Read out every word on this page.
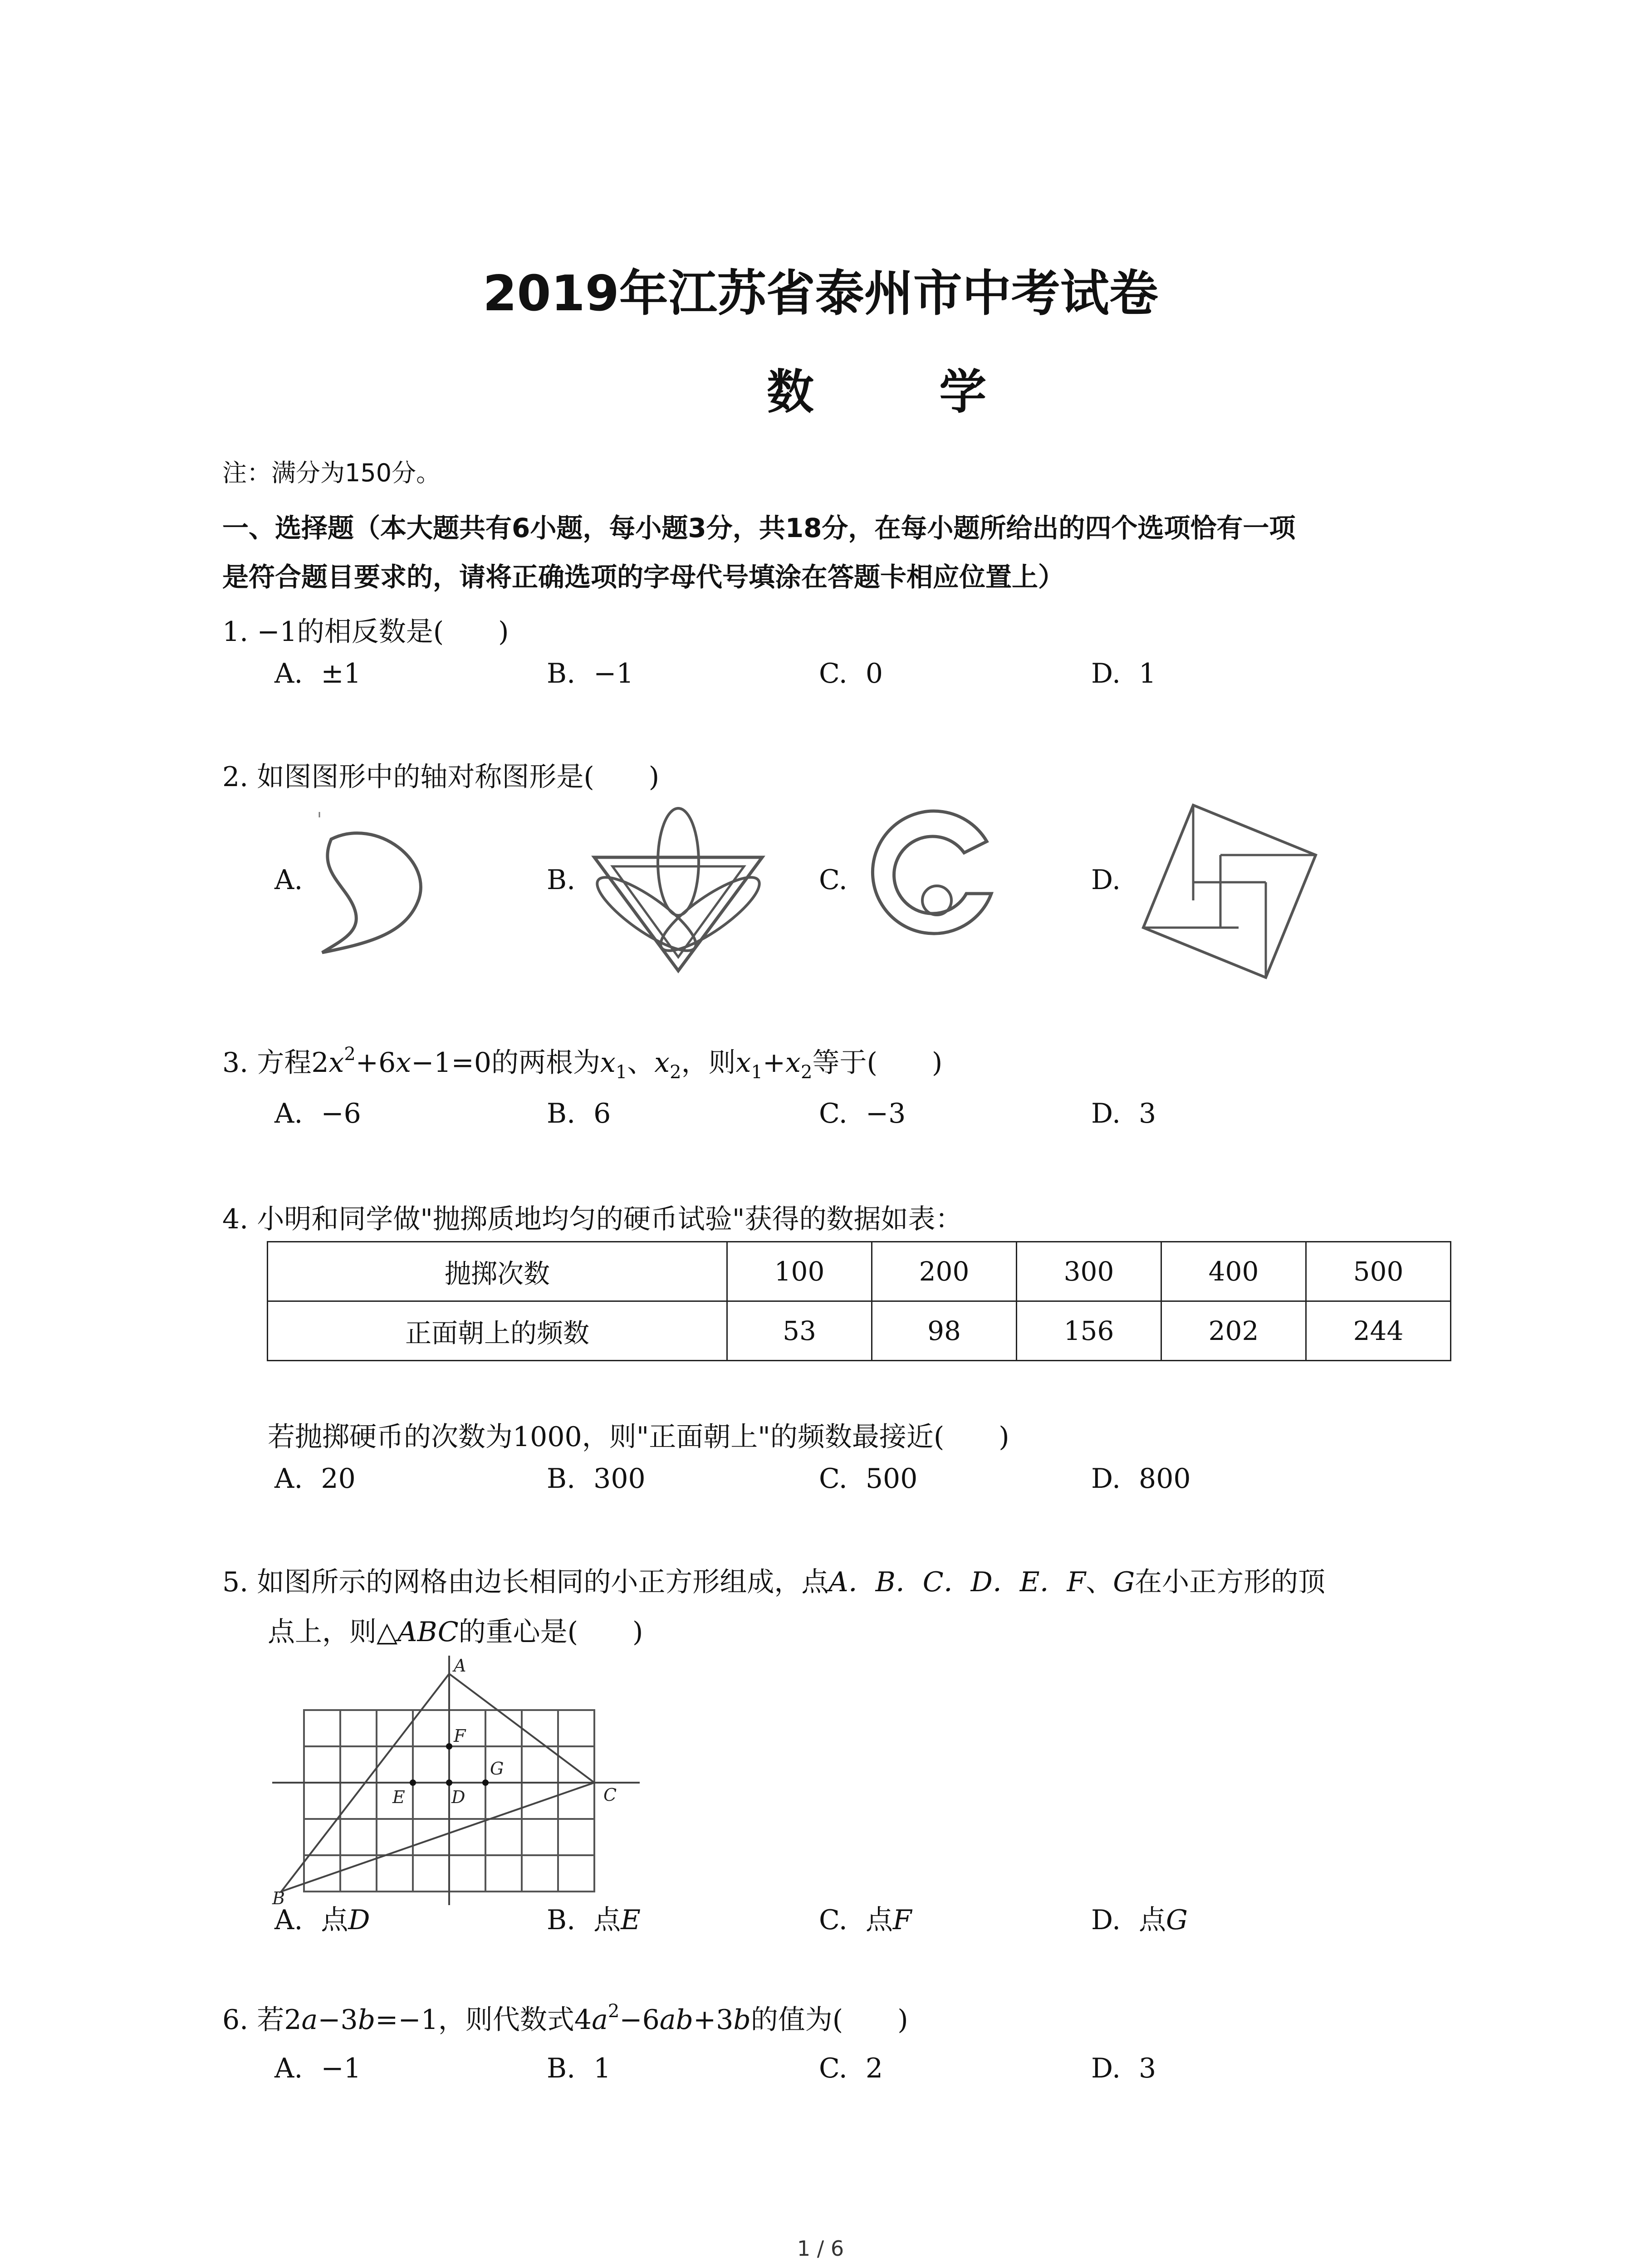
2019年江苏省泰州市中考试卷
数 学
注：满分为150分。
一、选择题（本大题共有6小题，每小题3分，共18分，在每小题所给出的四个选项恰有一项
是符合题目要求的，请将正确选项的字母代号填涂在答题卡相应位置上）
1. −1的相反数是(　　)
A. ±1	B. −1	C. 0	D. 1
2. 如图图形中的轴对称图形是(　　)
A.	B.	C.	D.
3. 方程$2x^2+6x-1=0$的两根为$x_1$、$x_2$，则$x_1+x_2$等于(　　)
A. −6	B. 6	C. −3	D. 3
4. 小明和同学做"抛掷质地均匀的硬币试验"获得的数据如表：
抛掷次数	100	200	300	400	500
正面朝上的频数	53	98	156	202	244
若抛掷硬币的次数为1000，则"正面朝上"的频数最接近(　　)
A. 20	B. 300	C. 500	D. 800
5. 如图所示的网格由边长相同的小正方形组成，点A．B．C．D．E．F、G在小正方形的顶
点上，则△ABC的重心是(　　)
A
B
C
D
E
F
G
A. 点D	B. 点E	C. 点F	D. 点G
6. 若2a−3b=−1，则代数式$4a^2-6ab+3b$的值为(　　)
A. −1	B. 1	C. 2	D. 3
1 / 6
